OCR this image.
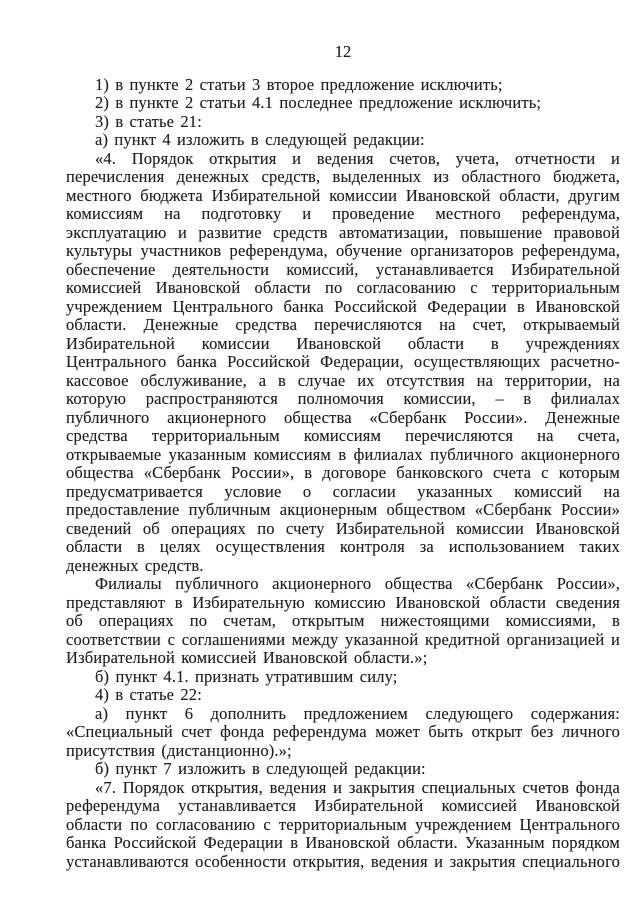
12

1) в пункте 2 статьи 3 второе предложение исключить;

2) в пункте 2 статьи 4.1 последнее предложение исключить;

3) в статье 21:

а) пункт 4 изложить в следующей редакции:

«4. Порядок открытия и ведения счетов, учета, отчетности и перечисления денежных средств, выделенных из областного бюджета, местного бюджета Избирательной комиссии Ивановской области, другим комиссиям на подготовку и проведение местного референдума, эксплуатацию и развитие средств автоматизации, повышение правовой культуры участников референдума, обучение организаторов референдума, обеспечение деятельности комиссий, устанавливается Избирательной комиссией Ивановской области по согласованию с территориальным учреждением Центрального банка Российской Федерации в Ивановской области. Денежные средства перечисляются на счет, открываемый Избирательной комиссии Ивановской области в учреждениях Центрального банка Российской Федерации, осуществляющих расчетно-кассовое обслуживание, а в случае их отсутствия на территории, на которую распространяются полномочия комиссии, – в филиалах публичного акционерного общества «Сбербанк России». Денежные средства территориальным комиссиям перечисляются на счета, открываемые указанным комиссиям в филиалах публичного акционерного общества «Сбербанк России», в договоре банковского счета с которым предусматривается условие о согласии указанных комиссий на предоставление публичным акционерным обществом «Сбербанк России» сведений об операциях по счету Избирательной комиссии Ивановской области в целях осуществления контроля за использованием таких денежных средств.

Филиалы публичного акционерного общества «Сбербанк России», представляют в Избирательную комиссию Ивановской области сведения об операциях по счетам, открытым нижестоящими комиссиями, в соответствии с соглашениями между указанной кредитной организацией и Избирательной комиссией Ивановской области.»;

б) пункт 4.1. признать утратившим силу;

4) в статье 22:

а) пункт 6 дополнить предложением следующего содержания: «Специальный счет фонда референдума может быть открыт без личного присутствия (дистанционно).»;

б) пункт 7 изложить в следующей редакции:

«7. Порядок открытия, ведения и закрытия специальных счетов фонда референдума устанавливается Избирательной комиссией Ивановской области по согласованию с территориальным учреждением Центрального банка Российской Федерации в Ивановской области. Указанным порядком устанавливаются особенности открытия, ведения и закрытия специального
